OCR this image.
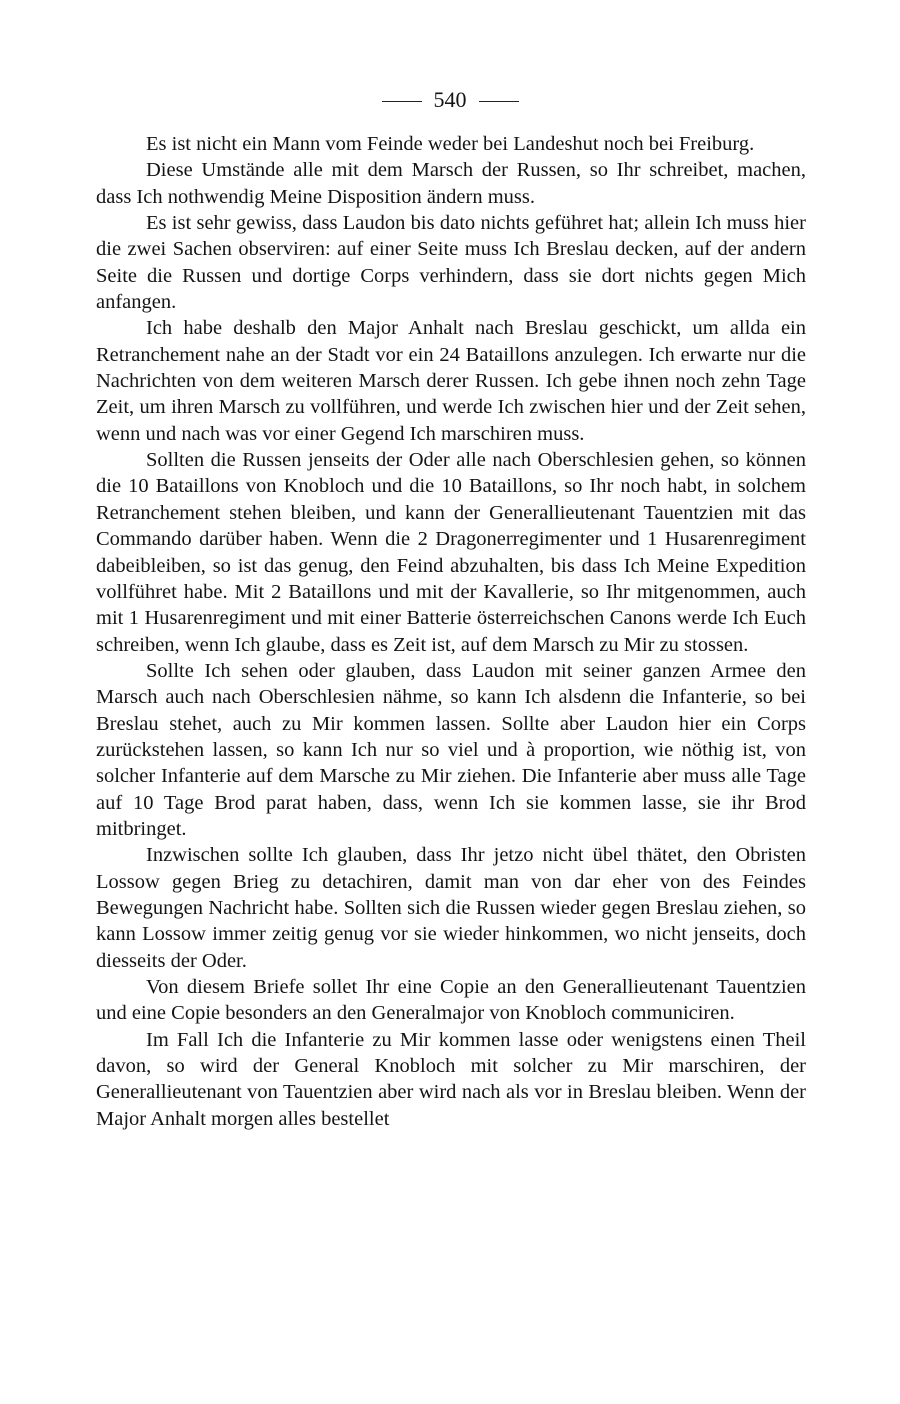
540

Es ist nicht ein Mann vom Feinde weder bei Landeshut noch bei Freiburg.

Diese Umstände alle mit dem Marsch der Russen, so Ihr schreibet, machen, dass Ich nothwendig Meine Disposition ändern muss.

Es ist sehr gewiss, dass Laudon bis dato nichts geführet hat; allein Ich muss hier die zwei Sachen observiren: auf einer Seite muss Ich Breslau decken, auf der andern Seite die Russen und dortige Corps verhindern, dass sie dort nichts gegen Mich anfangen.

Ich habe deshalb den Major Anhalt nach Breslau geschickt, um allda ein Retranchement nahe an der Stadt vor ein 24 Bataillons anzulegen. Ich erwarte nur die Nachrichten von dem weiteren Marsch derer Russen. Ich gebe ihnen noch zehn Tage Zeit, um ihren Marsch zu vollführen, und werde Ich zwischen hier und der Zeit sehen, wenn und nach was vor einer Gegend Ich marschiren muss.

Sollten die Russen jenseits der Oder alle nach Oberschlesien gehen, so können die 10 Bataillons von Knobloch und die 10 Bataillons, so Ihr noch habt, in solchem Retranchement stehen bleiben, und kann der Generallieutenant Tauentzien mit das Commando darüber haben. Wenn die 2 Dragonerregimenter und 1 Husarenregiment dabeibleiben, so ist das genug, den Feind abzuhalten, bis dass Ich Meine Expedition vollführet habe. Mit 2 Bataillons und mit der Kavallerie, so Ihr mitgenommen, auch mit 1 Husarenregiment und mit einer Batterie österreichschen Canons werde Ich Euch schreiben, wenn Ich glaube, dass es Zeit ist, auf dem Marsch zu Mir zu stossen.

Sollte Ich sehen oder glauben, dass Laudon mit seiner ganzen Armee den Marsch auch nach Oberschlesien nähme, so kann Ich alsdenn die Infanterie, so bei Breslau stehet, auch zu Mir kommen lassen. Sollte aber Laudon hier ein Corps zurückstehen lassen, so kann Ich nur so viel und à proportion, wie nöthig ist, von solcher Infanterie auf dem Marsche zu Mir ziehen. Die Infanterie aber muss alle Tage auf 10 Tage Brod parat haben, dass, wenn Ich sie kommen lasse, sie ihr Brod mitbringet.

Inzwischen sollte Ich glauben, dass Ihr jetzo nicht übel thätet, den Obristen Lossow gegen Brieg zu detachiren, damit man von dar eher von des Feindes Bewegungen Nachricht habe. Sollten sich die Russen wieder gegen Breslau ziehen, so kann Lossow immer zeitig genug vor sie wieder hinkommen, wo nicht jenseits, doch diesseits der Oder.

Von diesem Briefe sollet Ihr eine Copie an den Generallieutenant Tauentzien und eine Copie besonders an den Generalmajor von Knobloch communiciren.

Im Fall Ich die Infanterie zu Mir kommen lasse oder wenigstens einen Theil davon, so wird der General Knobloch mit solcher zu Mir marschiren, der Generallieutenant von Tauentzien aber wird nach als vor in Breslau bleiben. Wenn der Major Anhalt morgen alles bestellet
